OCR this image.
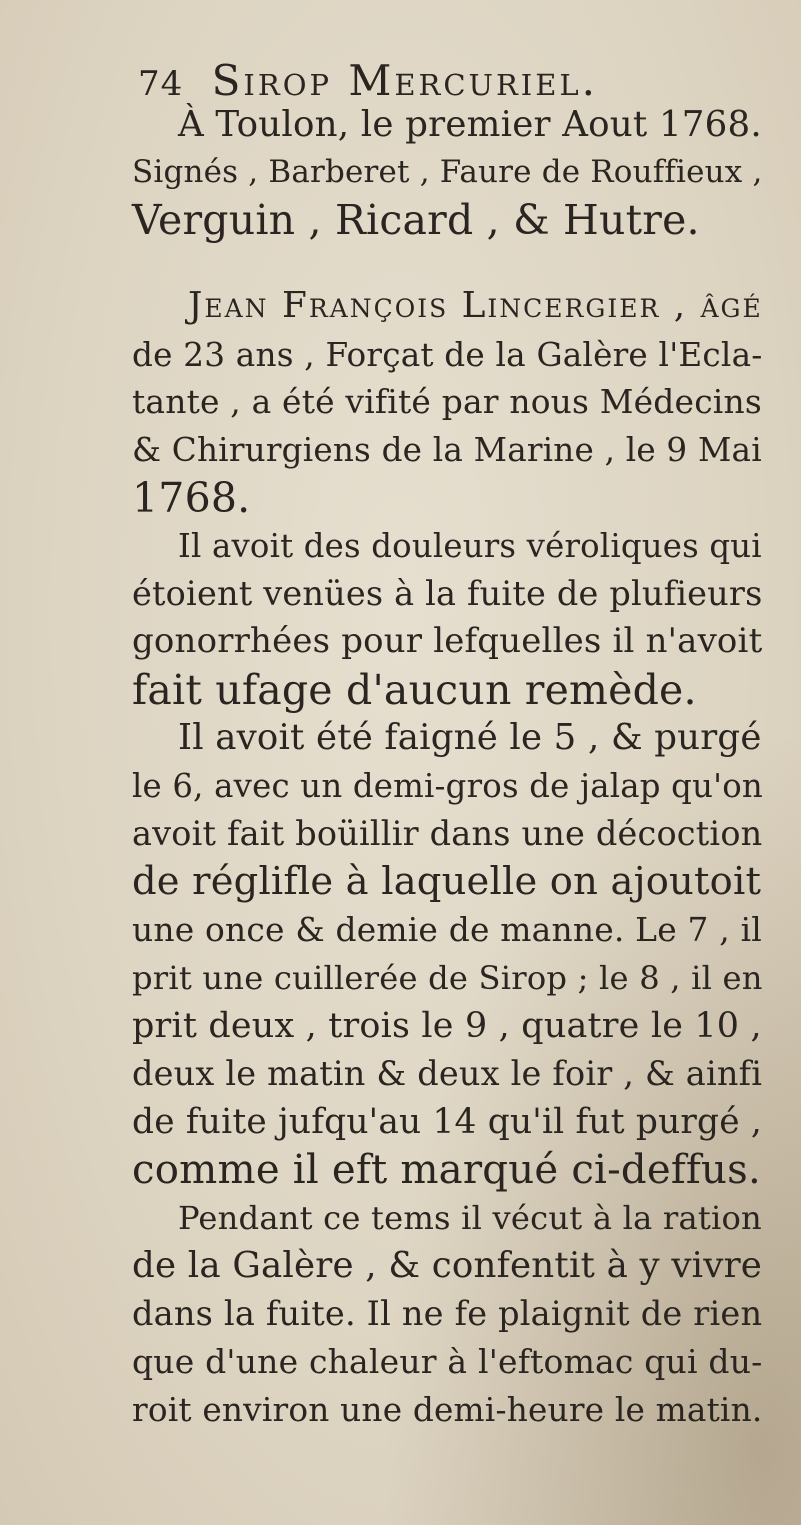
74 Sirop Mercuriel.
À Toulon, le premier Aout 1768.
Signés , Barberet , Faure de Rouffieux ,
Verguin , Ricard , & Hutre.
Jean François Lincergier , âgé
de 23 ans , Forçat de la Galère l'Ecla-
tante , a été vifité par nous Médecins
& Chirurgiens de la Marine , le 9 Mai
1768.
Il avoit des douleurs véroliques qui
étoient venües à la fuite de plufieurs
gonorrhées pour lefquelles il n'avoit
fait ufage d'aucun remède.
Il avoit été faigné le 5 , & purgé
le 6, avec un demi-gros de jalap qu'on
avoit fait boüillir dans une décoction
de réglifle à laquelle on ajoutoit
une once & demie de manne. Le 7 , il
prit une cuillerée de Sirop ; le 8 , il en
prit deux , trois le 9 , quatre le 10 ,
deux le matin & deux le foir , & ainfi
de fuite jufqu'au 14 qu'il fut purgé ,
comme il eft marqué ci-deffus.
Pendant ce tems il vécut à la ration
de la Galère , & confentit à y vivre
dans la fuite. Il ne fe plaignit de rien
que d'une chaleur à l'eftomac qui du-
roit environ une demi-heure le matin.
